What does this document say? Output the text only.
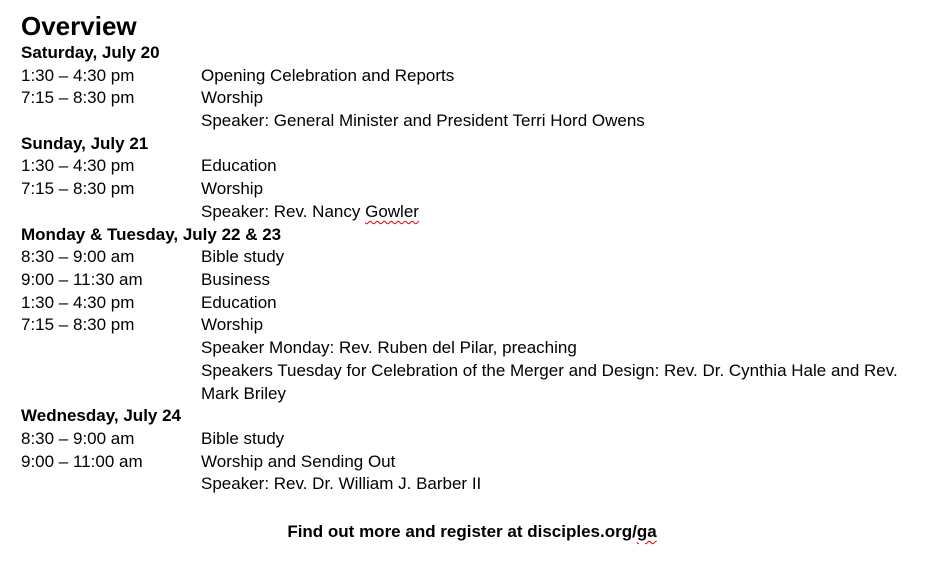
Overview
Saturday, July 20
1:30 – 4:30 pm	Opening Celebration and Reports
7:15 – 8:30 pm	Worship
Speaker: General Minister and President Terri Hord Owens
Sunday, July 21
1:30 – 4:30 pm	Education
7:15 – 8:30 pm	Worship
Speaker: Rev. Nancy Gowler
Monday & Tuesday, July 22 & 23
8:30 – 9:00 am	Bible study
9:00 – 11:30 am	Business
1:30 – 4:30 pm	Education
7:15 – 8:30 pm	Worship
Speaker Monday: Rev. Ruben del Pilar, preaching
Speakers Tuesday for Celebration of the Merger and Design: Rev. Dr. Cynthia Hale and Rev. Mark Briley
Wednesday, July 24
8:30 – 9:00 am	Bible study
9:00 – 11:00 am	Worship and Sending Out
Speaker: Rev. Dr. William J. Barber II
Find out more and register at disciples.org/ga
